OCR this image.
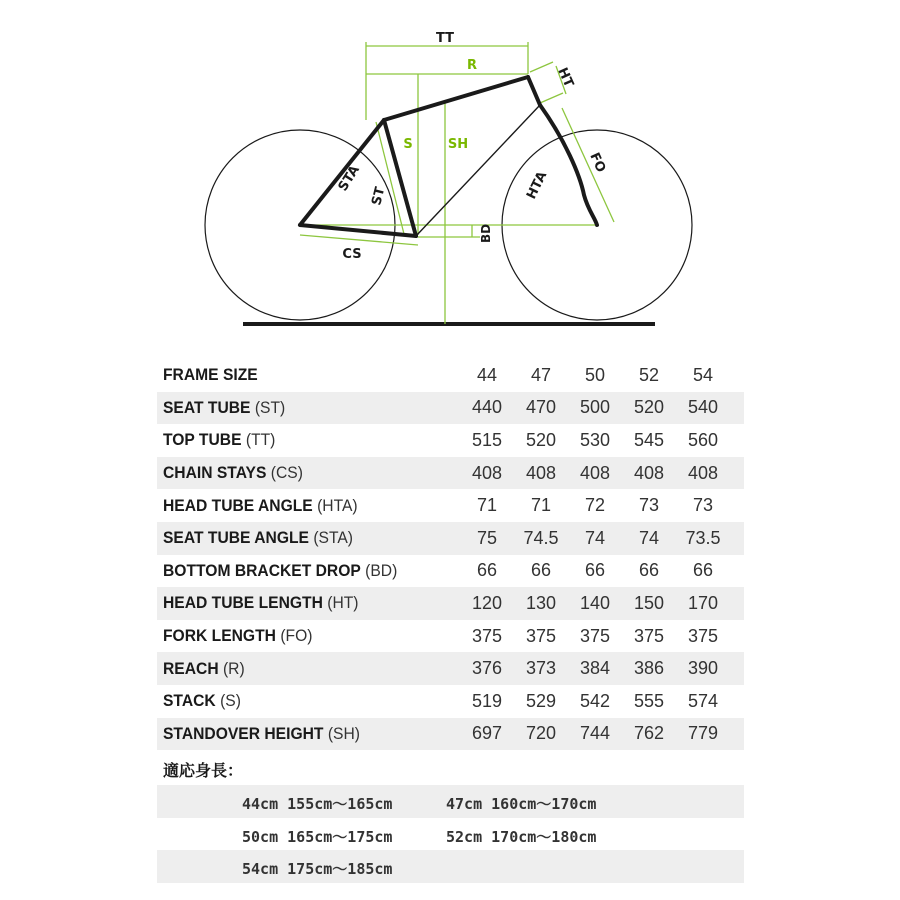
TT
R
HT
S	SH
STA
ST	HTA
FO
BD
CS
FRAME SIZE	44	47	50	52	54
SEAT TUBE (ST)	440	470	500	520	540
TOP TUBE (TT)	515	520	530	545	560
CHAIN STAYS (CS)	408	408	408	408	408
HEAD TUBE ANGLE (HTA)	71	71	72	73	73
SEAT TUBE ANGLE (STA)	75	74.5	74	74	73.5
BOTTOM BRACKET DROP (BD)	66	66	66	66	66
HEAD TUBE LENGTH (HT)	120	130	140	150	170
FORK LENGTH (FO)	375	375	375	375	375
REACH (R)	376	373	384	386	390
STACK (S)	519	529	542	555	574
STANDOVER HEIGHT (SH)	697	720	744	762	779
適応身長：
44cm 155cm～165cm	47cm 160cm～170cm
50cm 165cm～175cm	52cm 170cm～180cm
54cm 175cm～185cm
